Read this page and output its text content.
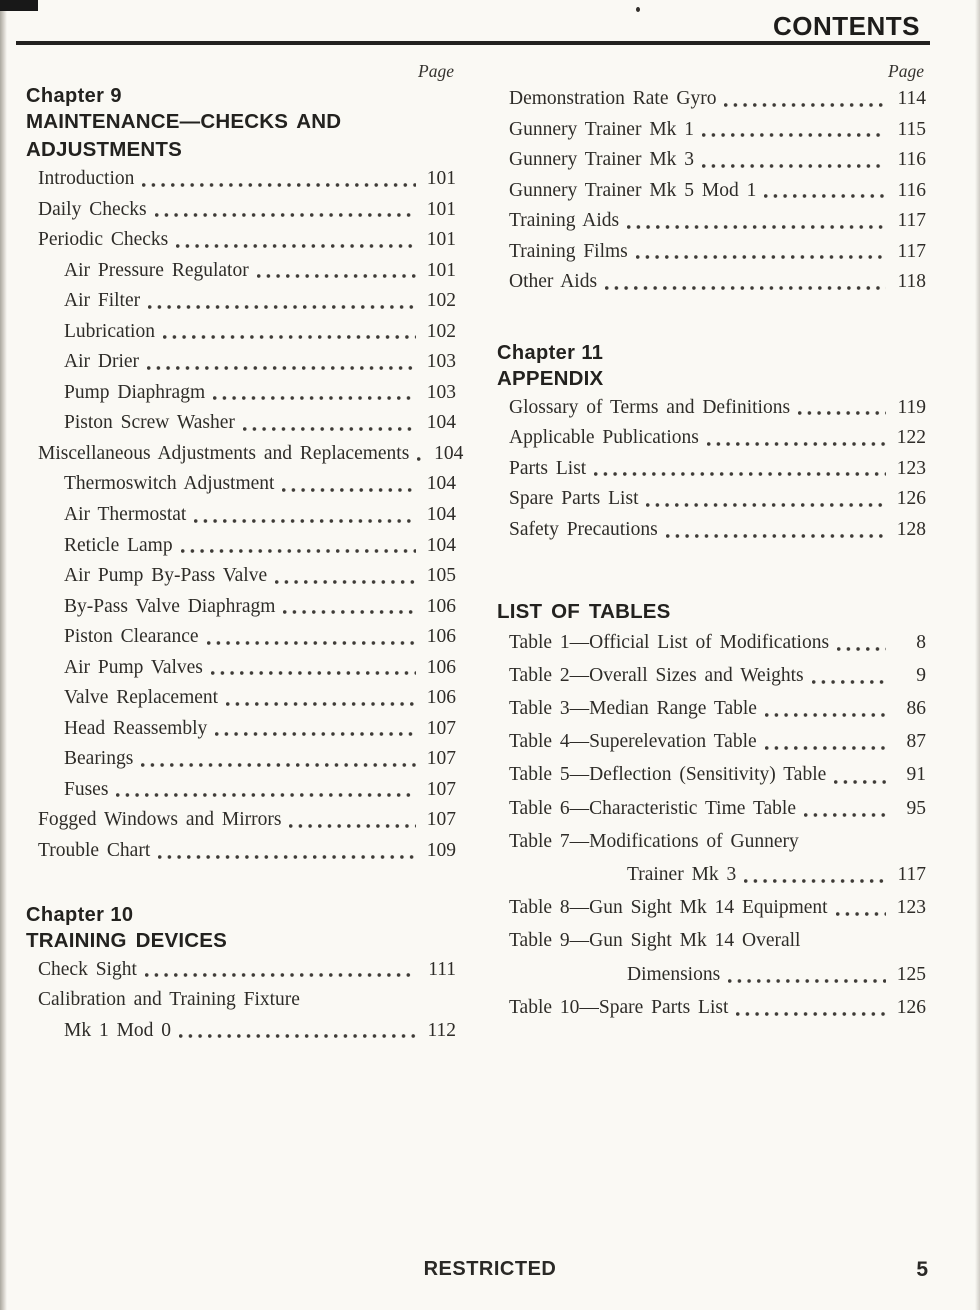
CONTENTS
Page
Chapter 9
MAINTENANCE—CHECKS AND ADJUSTMENTS
Introduction	101
Daily Checks	101
Periodic Checks	101
Air Pressure Regulator	101
Air Filter	102
Lubrication	102
Air Drier	103
Pump Diaphragm	103
Piston Screw Washer	104
Miscellaneous Adjustments and Replacements 104
Thermoswitch Adjustment	104
Air Thermostat	104
Reticle Lamp	104
Air Pump By-Pass Valve	105
By-Pass Valve Diaphragm	106
Piston Clearance	106
Air Pump Valves	106
Valve Replacement	106
Head Reassembly	107
Bearings	107
Fuses	107
Fogged Windows and Mirrors	107
Trouble Chart	109
Chapter 10
TRAINING DEVICES
Check Sight	111
Calibration and Training Fixture
Mk 1 Mod 0	112
Page
Demonstration Rate Gyro	114
Gunnery Trainer Mk 1	115
Gunnery Trainer Mk 3	116
Gunnery Trainer Mk 5 Mod 1	116
Training Aids	117
Training Films	117
Other Aids	118
Chapter 11
APPENDIX
Glossary of Terms and Definitions	119
Applicable Publications	122
Parts List	123
Spare Parts List	126
Safety Precautions	128
LIST OF TABLES
Table 1—Official List of Modifications	8
Table 2—Overall Sizes and Weights	9
Table 3—Median Range Table	86
Table 4—Superelevation Table	87
Table 5—Deflection (Sensitivity) Table	91
Table 6—Characteristic Time Table	95
Table 7—Modifications of Gunnery
Trainer Mk 3	117
Table 8—Gun Sight Mk 14 Equipment	123
Table 9—Gun Sight Mk 14 Overall
Dimensions	125
Table 10—Spare Parts List	126
RESTRICTED	5
